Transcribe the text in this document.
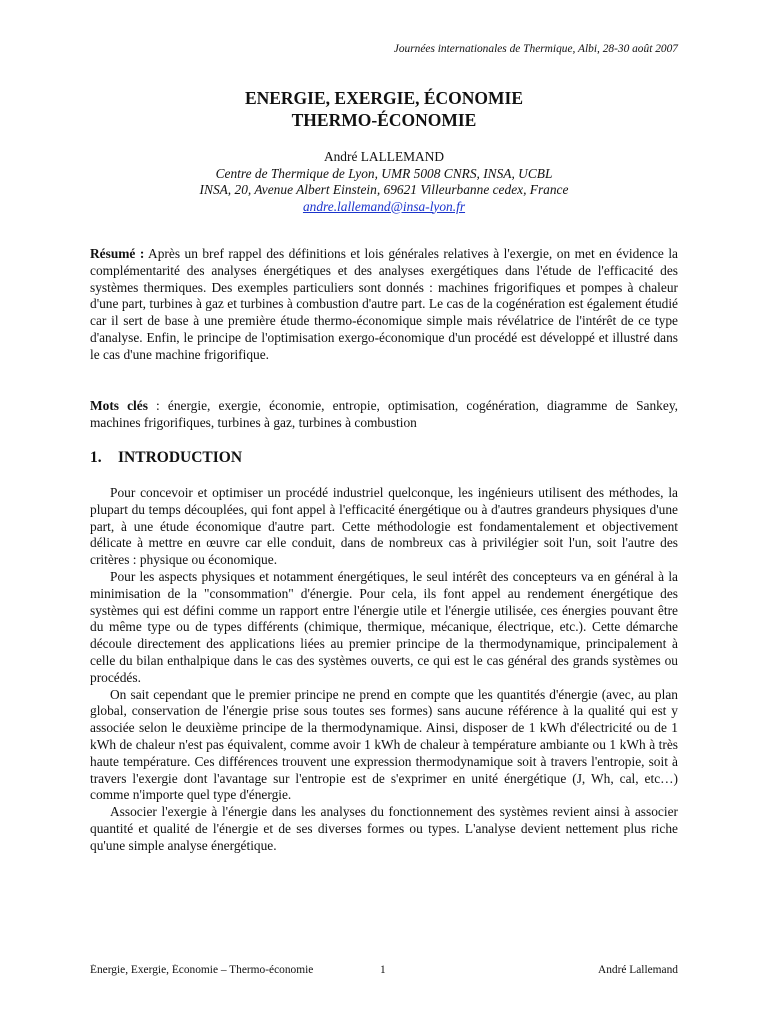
Journées internationales de Thermique, Albi, 28-30 août 2007
ENERGIE, EXERGIE, ÉCONOMIE
THERMO-ÉCONOMIE
André LALLEMAND
Centre de Thermique de Lyon, UMR 5008 CNRS, INSA, UCBL
INSA, 20, Avenue Albert Einstein, 69621 Villeurbanne cedex, France
andre.lallemand@insa-lyon.fr
Résumé : Après un bref rappel des définitions et lois générales relatives à l'exergie, on met en évidence la complémentarité des analyses énergétiques et des analyses exergétiques dans l'étude de l'efficacité des systèmes thermiques. Des exemples particuliers sont donnés : machines frigorifiques et pompes à chaleur d'une part, turbines à gaz et turbines à combustion d'autre part. Le cas de la cogénération est également étudié car il sert de base à une première étude thermo-économique simple mais révélatrice de l'intérêt de ce type d'analyse. Enfin, le principe de l'optimisation exergo-économique d'un procédé est développé et illustré dans le cas d'une machine frigorifique.
Mots clés : énergie, exergie, économie, entropie, optimisation, cogénération, diagramme de Sankey, machines frigorifiques, turbines à gaz, turbines à combustion
1. INTRODUCTION

Pour concevoir et optimiser un procédé industriel quelconque, les ingénieurs utilisent des méthodes, la plupart du temps découplées, qui font appel à l'efficacité énergétique ou à d'autres grandeurs physiques d'une part, à une étude économique d'autre part. Cette méthodologie est fondamentalement et objectivement délicate à mettre en œuvre car elle conduit, dans de nombreux cas à privilégier soit l'un, soit l'autre des critères : physique ou économique.

Pour les aspects physiques et notamment énergétiques, le seul intérêt des concepteurs va en général à la minimisation de la "consommation" d'énergie. Pour cela, ils font appel au rendement énergétique des systèmes qui est défini comme un rapport entre l'énergie utile et l'énergie utilisée, ces énergies pouvant être du même type ou de types différents (chimique, thermique, mécanique, électrique, etc.). Cette démarche découle directement des applications liées au premier principe de la thermodynamique, principalement à celle du bilan enthalpique dans le cas des systèmes ouverts, ce qui est le cas général des grands systèmes ou procédés.

On sait cependant que le premier principe ne prend en compte que les quantités d'énergie (avec, au plan global, conservation de l'énergie prise sous toutes ses formes) sans aucune référence à la qualité qui est y associée selon le deuxième principe de la thermodynamique. Ainsi, disposer de 1 kWh d'électricité ou de 1 kWh de chaleur n'est pas équivalent, comme avoir 1 kWh de chaleur à température ambiante ou 1 kWh à très haute température. Ces différences trouvent une expression thermodynamique soit à travers l'entropie, soit à travers l'exergie dont l'avantage sur l'entropie est de s'exprimer en unité énergétique (J, Wh, cal, etc…) comme n'importe quel type d'énergie.

Associer l'exergie à l'énergie dans les analyses du fonctionnement des systèmes revient ainsi à associer quantité et qualité de l'énergie et de ses diverses formes ou types. L'analyse devient nettement plus riche qu'une simple analyse énergétique.

Énergie, Exergie, Économie – Thermo-économie	1	André Lallemand
